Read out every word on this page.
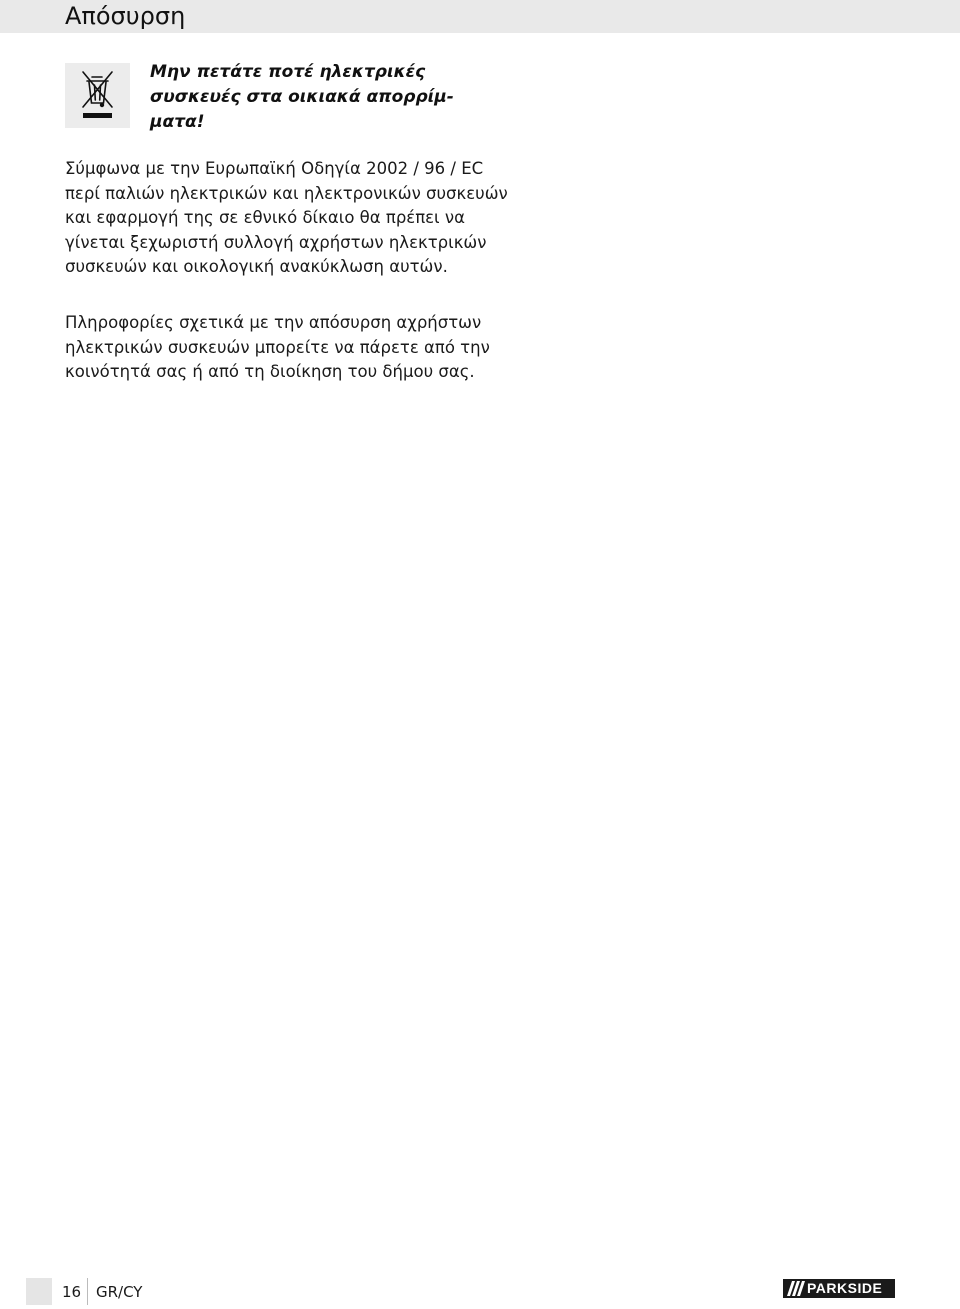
Απόσυρση
Μην πετάτε ποτέ ηλεκτρικές
συσκευές στα οικιακά απορρίμ-
ματα!
Σύμφωνα με την Ευρωπαϊκή Οδηγία 2002 / 96 / EC
περί παλιών ηλεκτρικών και ηλεκτρονικών συσκευών
και εφαρμογή της σε εθνικό δίκαιο θα πρέπει να
γίνεται ξεχωριστή συλλογή αχρήστων ηλεκτρικών
συσκευών και οικολογική ανακύκλωση αυτών.
Πληροφορίες σχετικά με την απόσυρση αχρήστων
ηλεκτρικών συσκευών μπορείτε να πάρετε από την
κοινότητά σας ή από τη διοίκηση του δήμου σας.
16 GR/CY	PARKSIDE
